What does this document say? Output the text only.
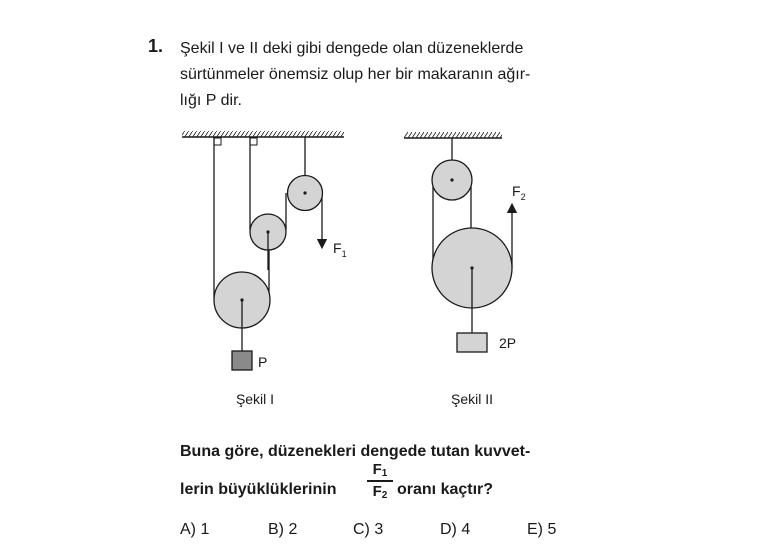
1. Şekil I ve II deki gibi dengede olan düzeneklerde
sürtünmeler önemsiz olup her bir makaranın ağır-
lığı P dir.
P
$F_1$
Şekil I
2P
$F_2$
Şekil II
Buna göre, düzenekleri dengede tutan kuvvet-
lerin büyüklüklerinin
$F_1$
$F_2$ oranı kaçtır?
A) 1	B) 2	C) 3	D) 4	E) 5
